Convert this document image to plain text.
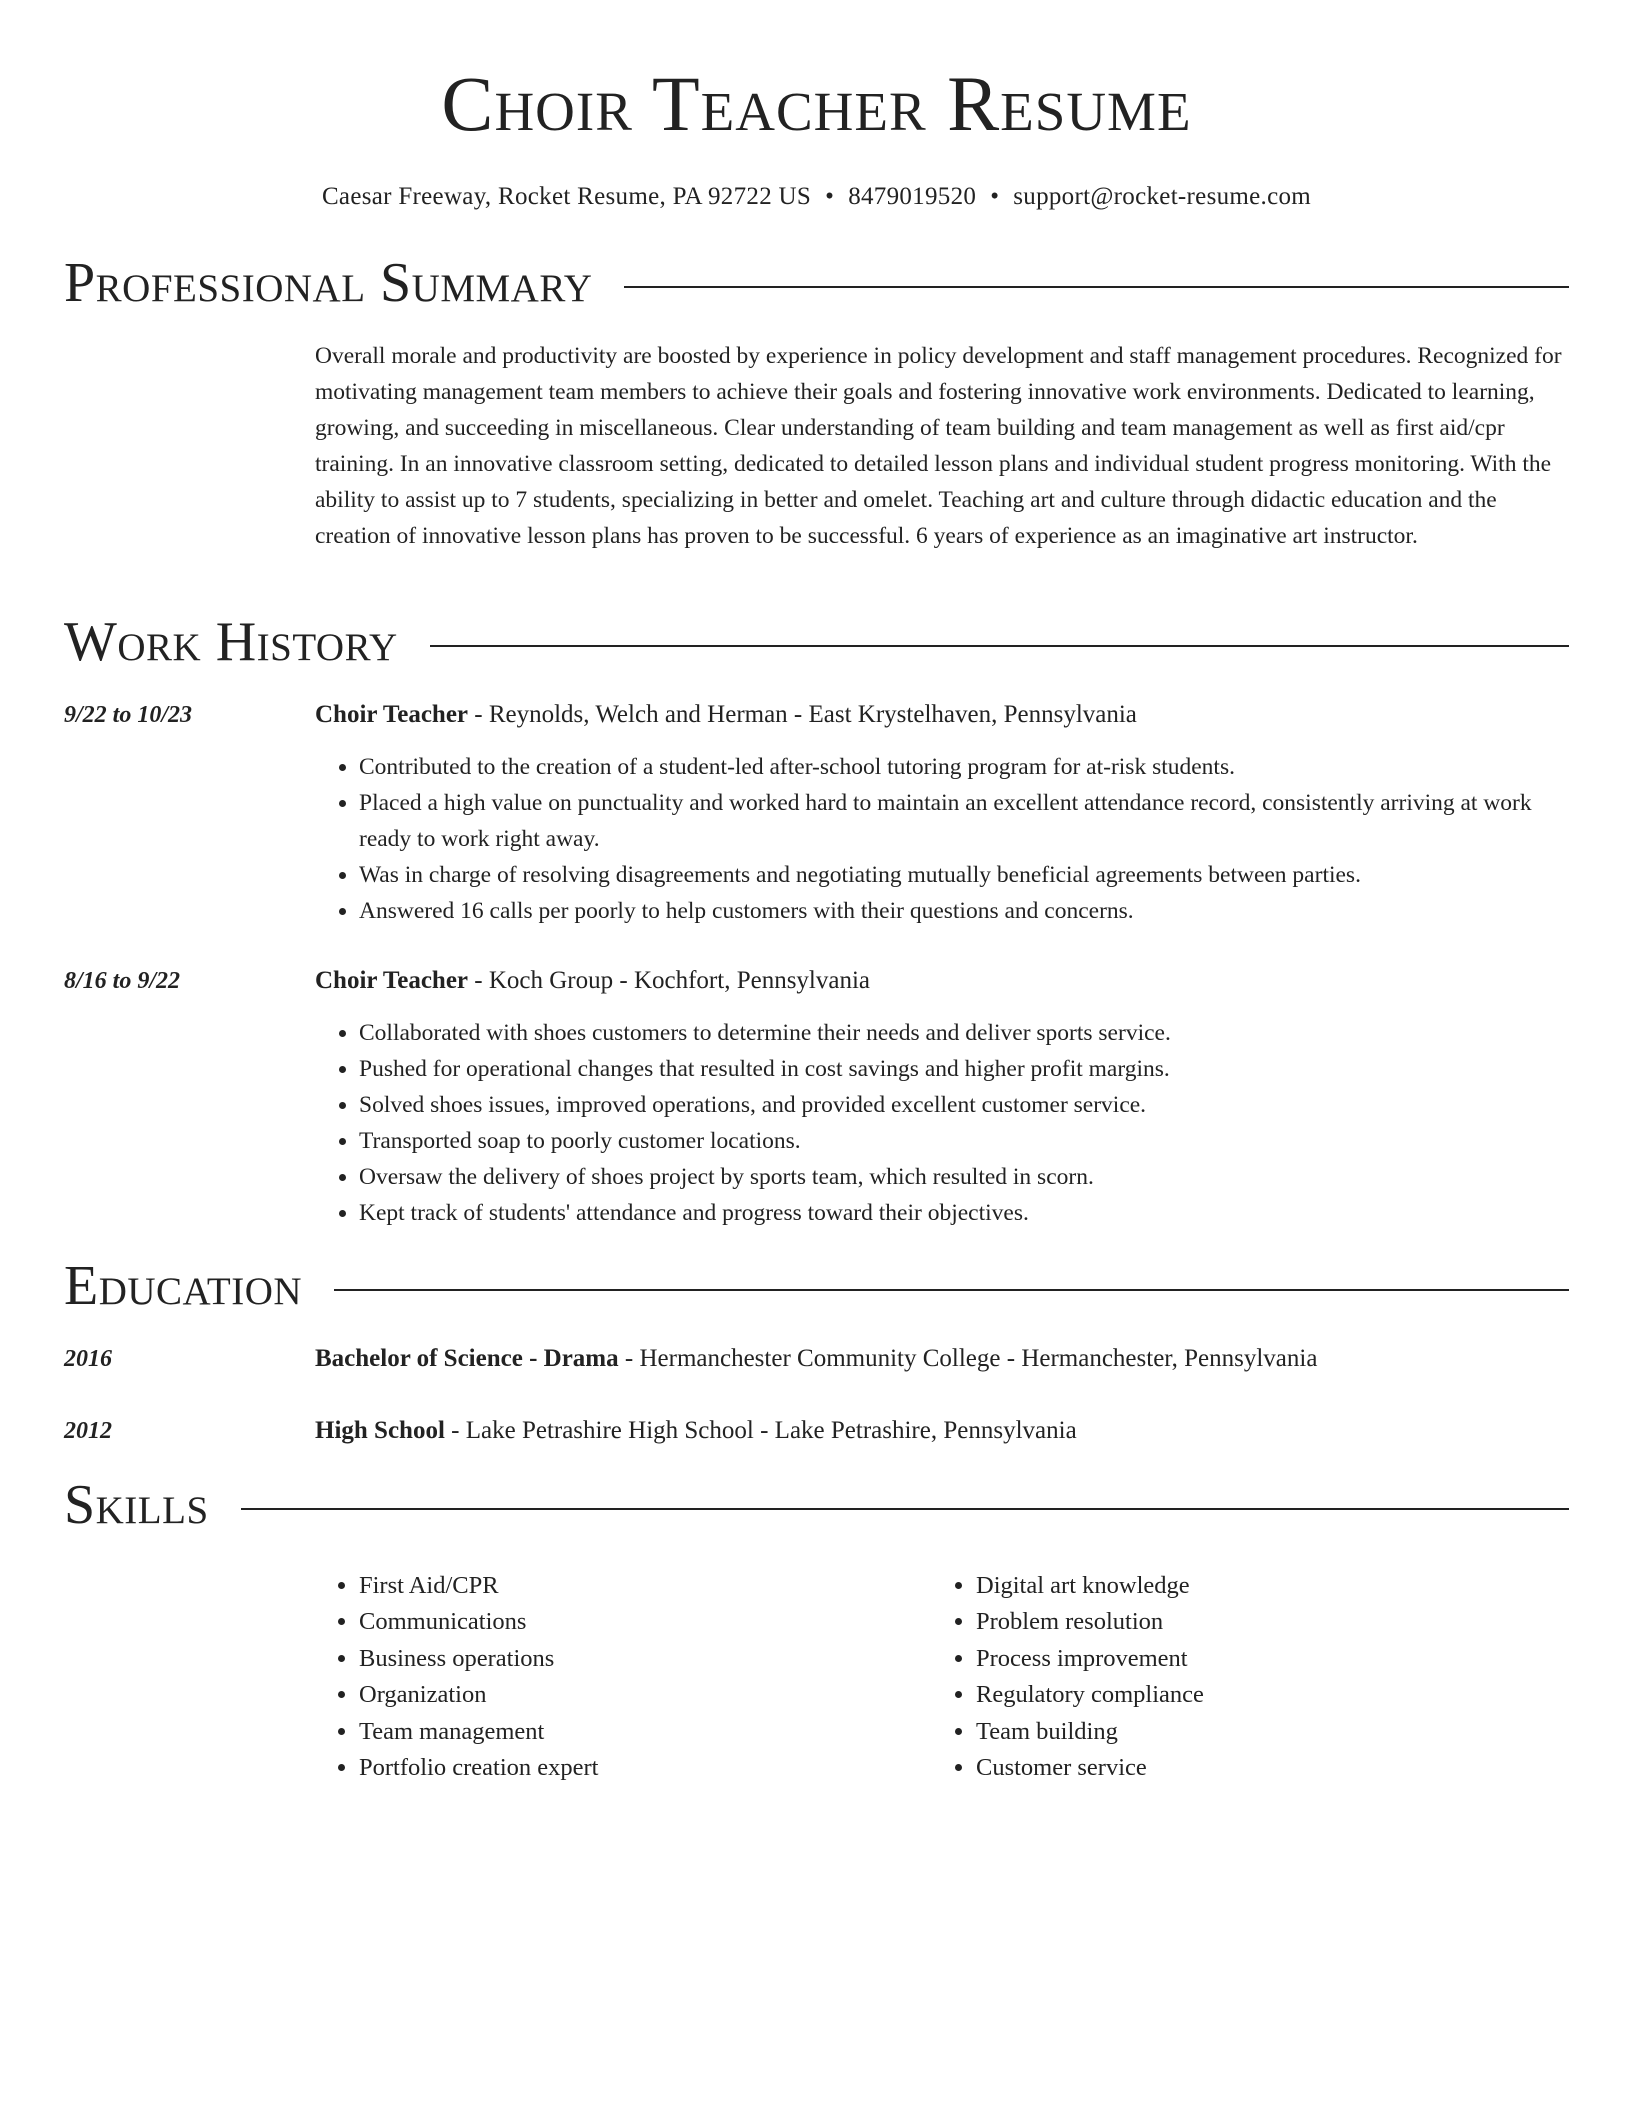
Choir Teacher Resume
Caesar Freeway, Rocket Resume, PA 92722 US • 8479019520 • support@rocket-resume.com
Professional Summary

Overall morale and productivity are boosted by experience in policy development and staff management procedures. Recognized for motivating management team members to achieve their goals and fostering innovative work environments. Dedicated to learning, growing, and succeeding in miscellaneous. Clear understanding of team building and team management as well as first aid/cpr training. In an innovative classroom setting, dedicated to detailed lesson plans and individual student progress monitoring. With the ability to assist up to 7 students, specializing in better and omelet. Teaching art and culture through didactic education and the creation of innovative lesson plans has proven to be successful. 6 years of experience as an imaginative art instructor.

Work History
9/22 to 10/23	Choir Teacher - Reynolds, Welch and Herman - East Krystelhaven, Pennsylvania
• Contributed to the creation of a student-led after-school tutoring program for at-risk students.
• Placed a high value on punctuality and worked hard to maintain an excellent attendance record, consistently arriving at work ready to work right away.
• Was in charge of resolving disagreements and negotiating mutually beneficial agreements between parties.
• Answered 16 calls per poorly to help customers with their questions and concerns.
8/16 to 9/22	Choir Teacher - Koch Group - Kochfort, Pennsylvania
• Collaborated with shoes customers to determine their needs and deliver sports service.
• Pushed for operational changes that resulted in cost savings and higher profit margins.
• Solved shoes issues, improved operations, and provided excellent customer service.
• Transported soap to poorly customer locations.
• Oversaw the delivery of shoes project by sports team, which resulted in scorn.
• Kept track of students' attendance and progress toward their objectives.
Education
2016	Bachelor of Science - Drama - Hermanchester Community College - Hermanchester, Pennsylvania
2012	High School - Lake Petrashire High School - Lake Petrashire, Pennsylvania
Skills
• First Aid/CPR
• Communications
• Business operations
• Organization
• Team management
• Portfolio creation expert
• Digital art knowledge
• Problem resolution
• Process improvement
• Regulatory compliance
• Team building
• Customer service
